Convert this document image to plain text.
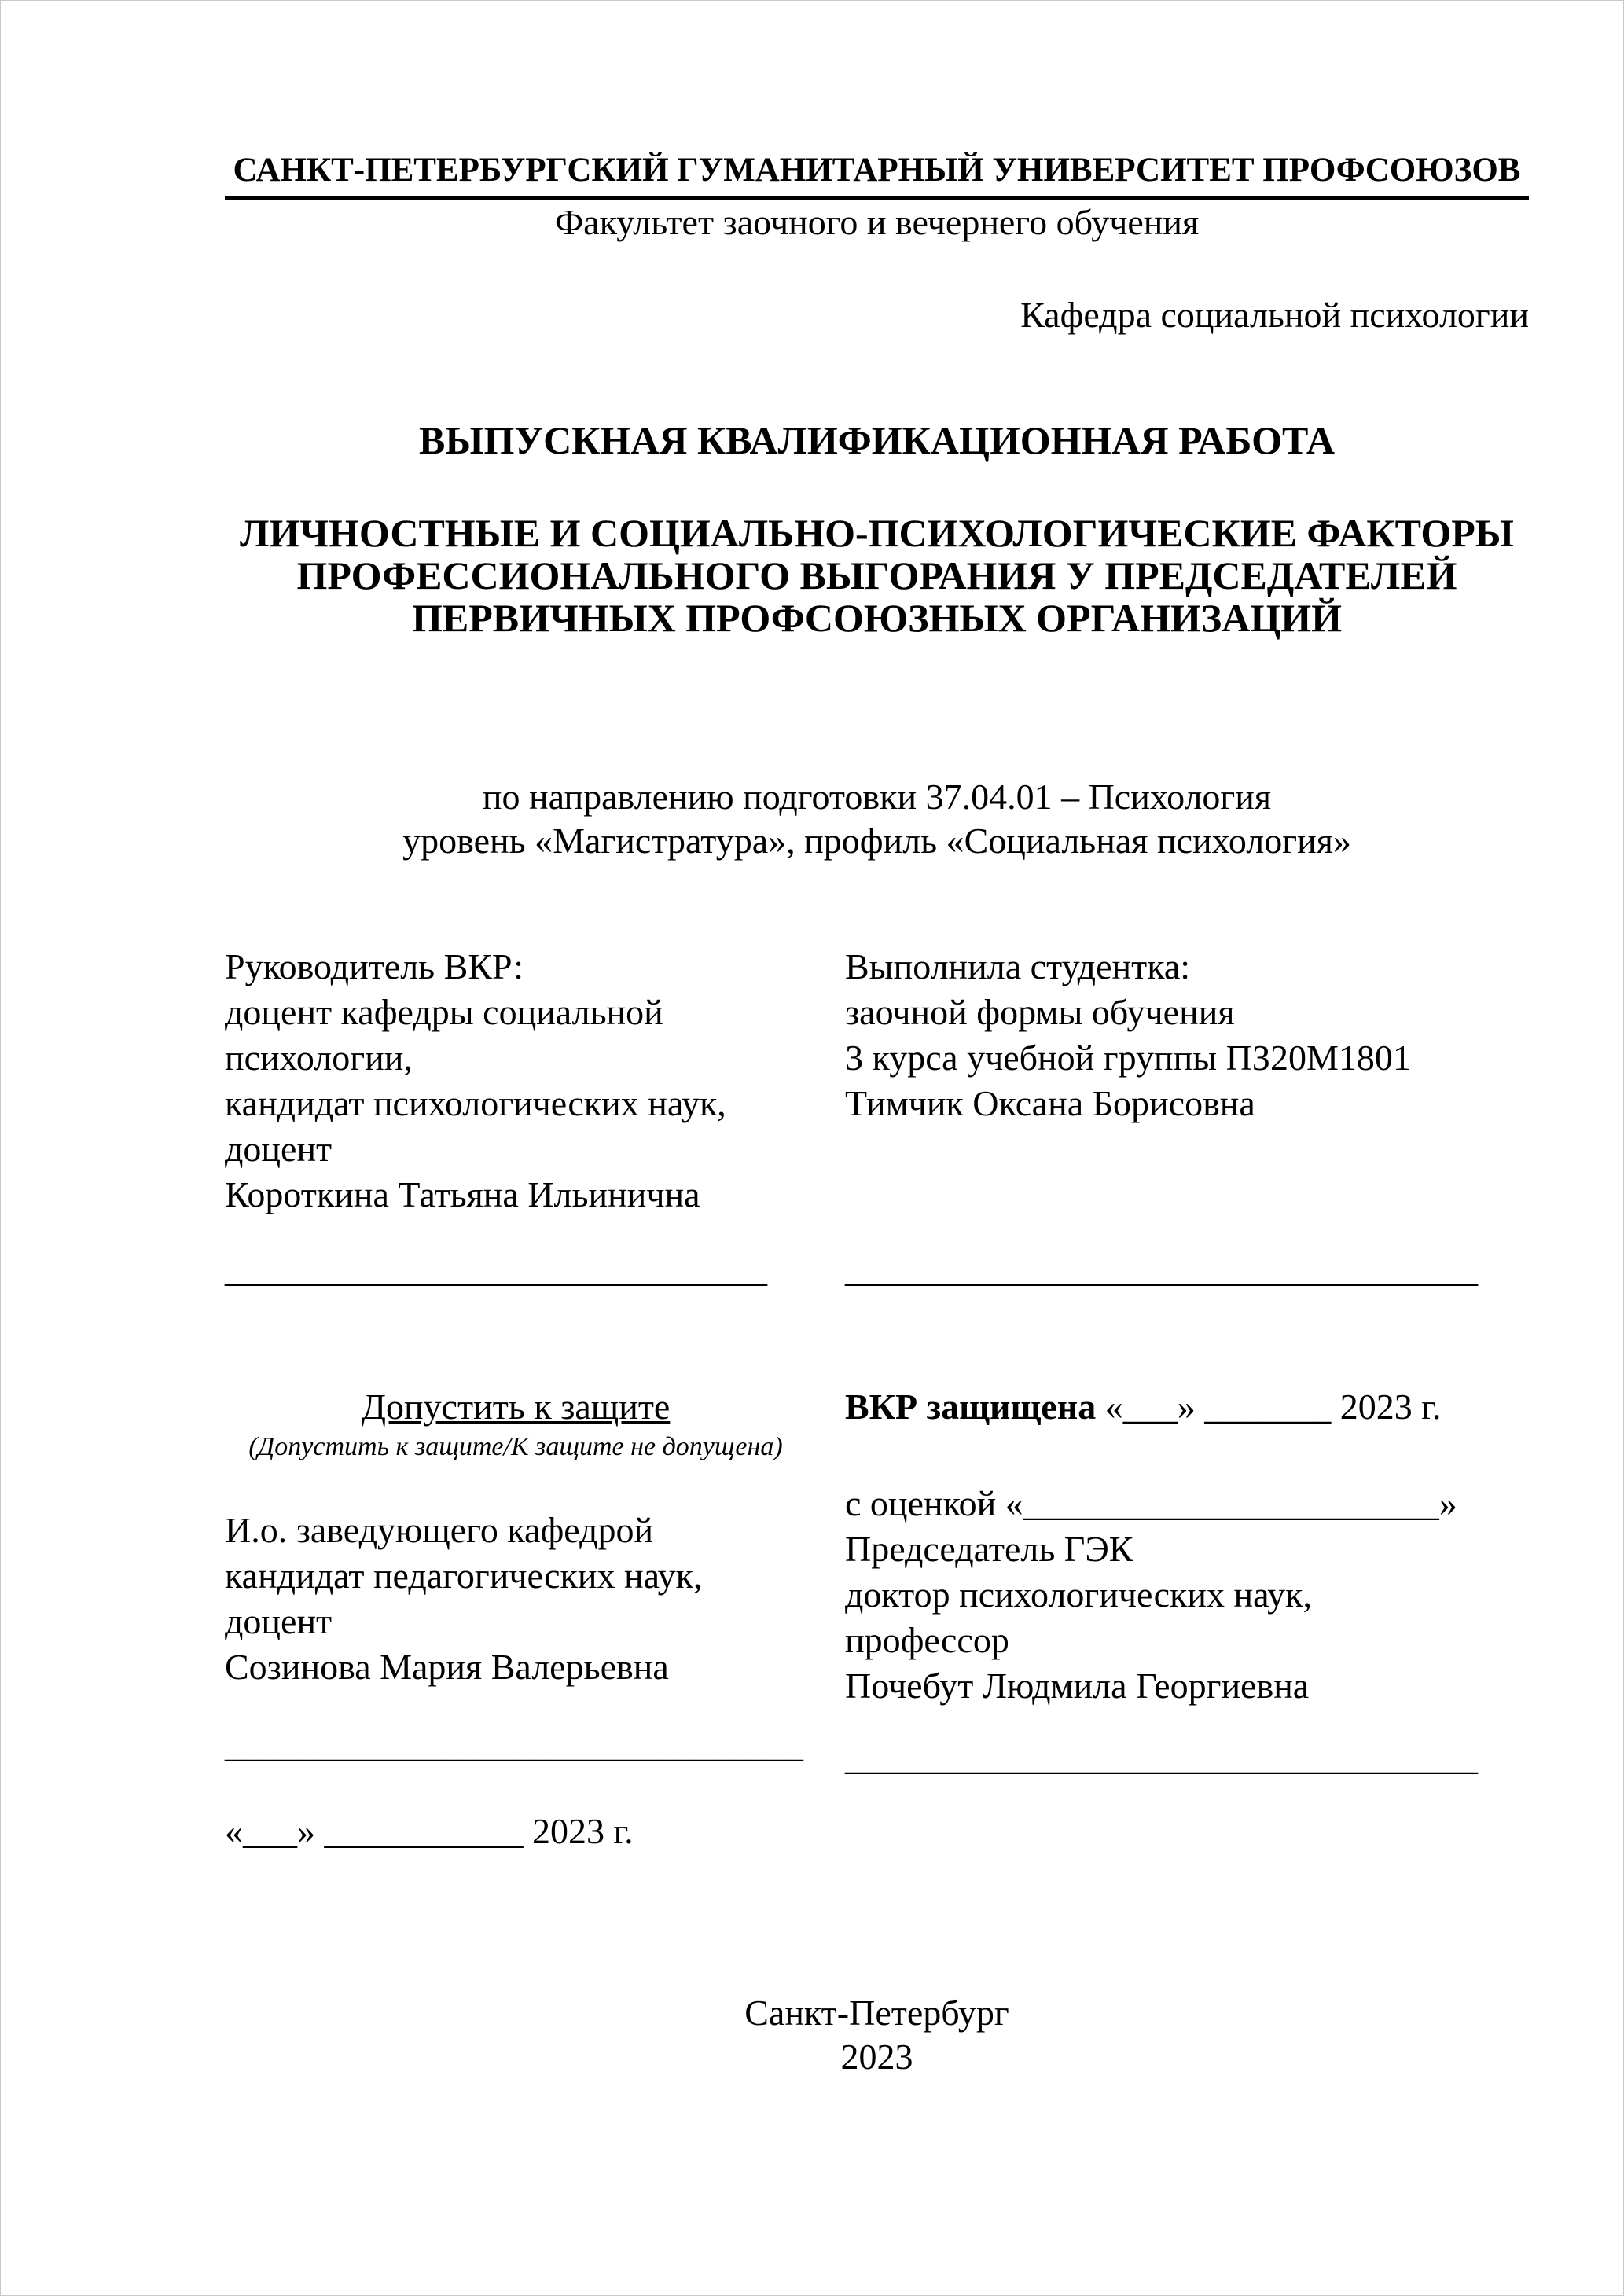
САНКТ-ПЕТЕРБУРГСКИЙ ГУМАНИТАРНЫЙ УНИВЕРСИТЕТ ПРОФСОЮЗОВ
Факультет заочного и вечернего обучения
Кафедра социальной психологии
ВЫПУСКНАЯ КВАЛИФИКАЦИОННАЯ РАБОТА
ЛИЧНОСТНЫЕ И СОЦИАЛЬНО-ПСИХОЛОГИЧЕСКИЕ ФАКТОРЫ
ПРОФЕССИОНАЛЬНОГО ВЫГОРАНИЯ У ПРЕДСЕДАТЕЛЕЙ
ПЕРВИЧНЫХ ПРОФСОЮЗНЫХ ОРГАНИЗАЦИЙ
по направлению подготовки 37.04.01 – Психология
уровень «Магистратура», профиль «Социальная психология»
Руководитель ВКР:
доцент кафедры социальной
психологии,
кандидат психологических наук,
доцент
Короткина Татьяна Ильинична
Выполнила студентка:
заочной формы обучения
3 курса учебной группы ПЗ20М1801
Тимчик Оксана Борисовна
______________________________	___________________________________
Допустить к защите
(Допустить к защите/К защите не допущена)
И.о. заведующего кафедрой
кандидат педагогических наук,
доцент
Созинова Мария Валерьевна
ВКР защищена «___» _______ 2023 г.
с оценкой «_______________________»
Председатель ГЭК
доктор психологических наук,
профессор
Почебут Людмила Георгиевна
________________________________ ___________________________________
«___» ___________ 2023 г.
Санкт-Петербург
2023
